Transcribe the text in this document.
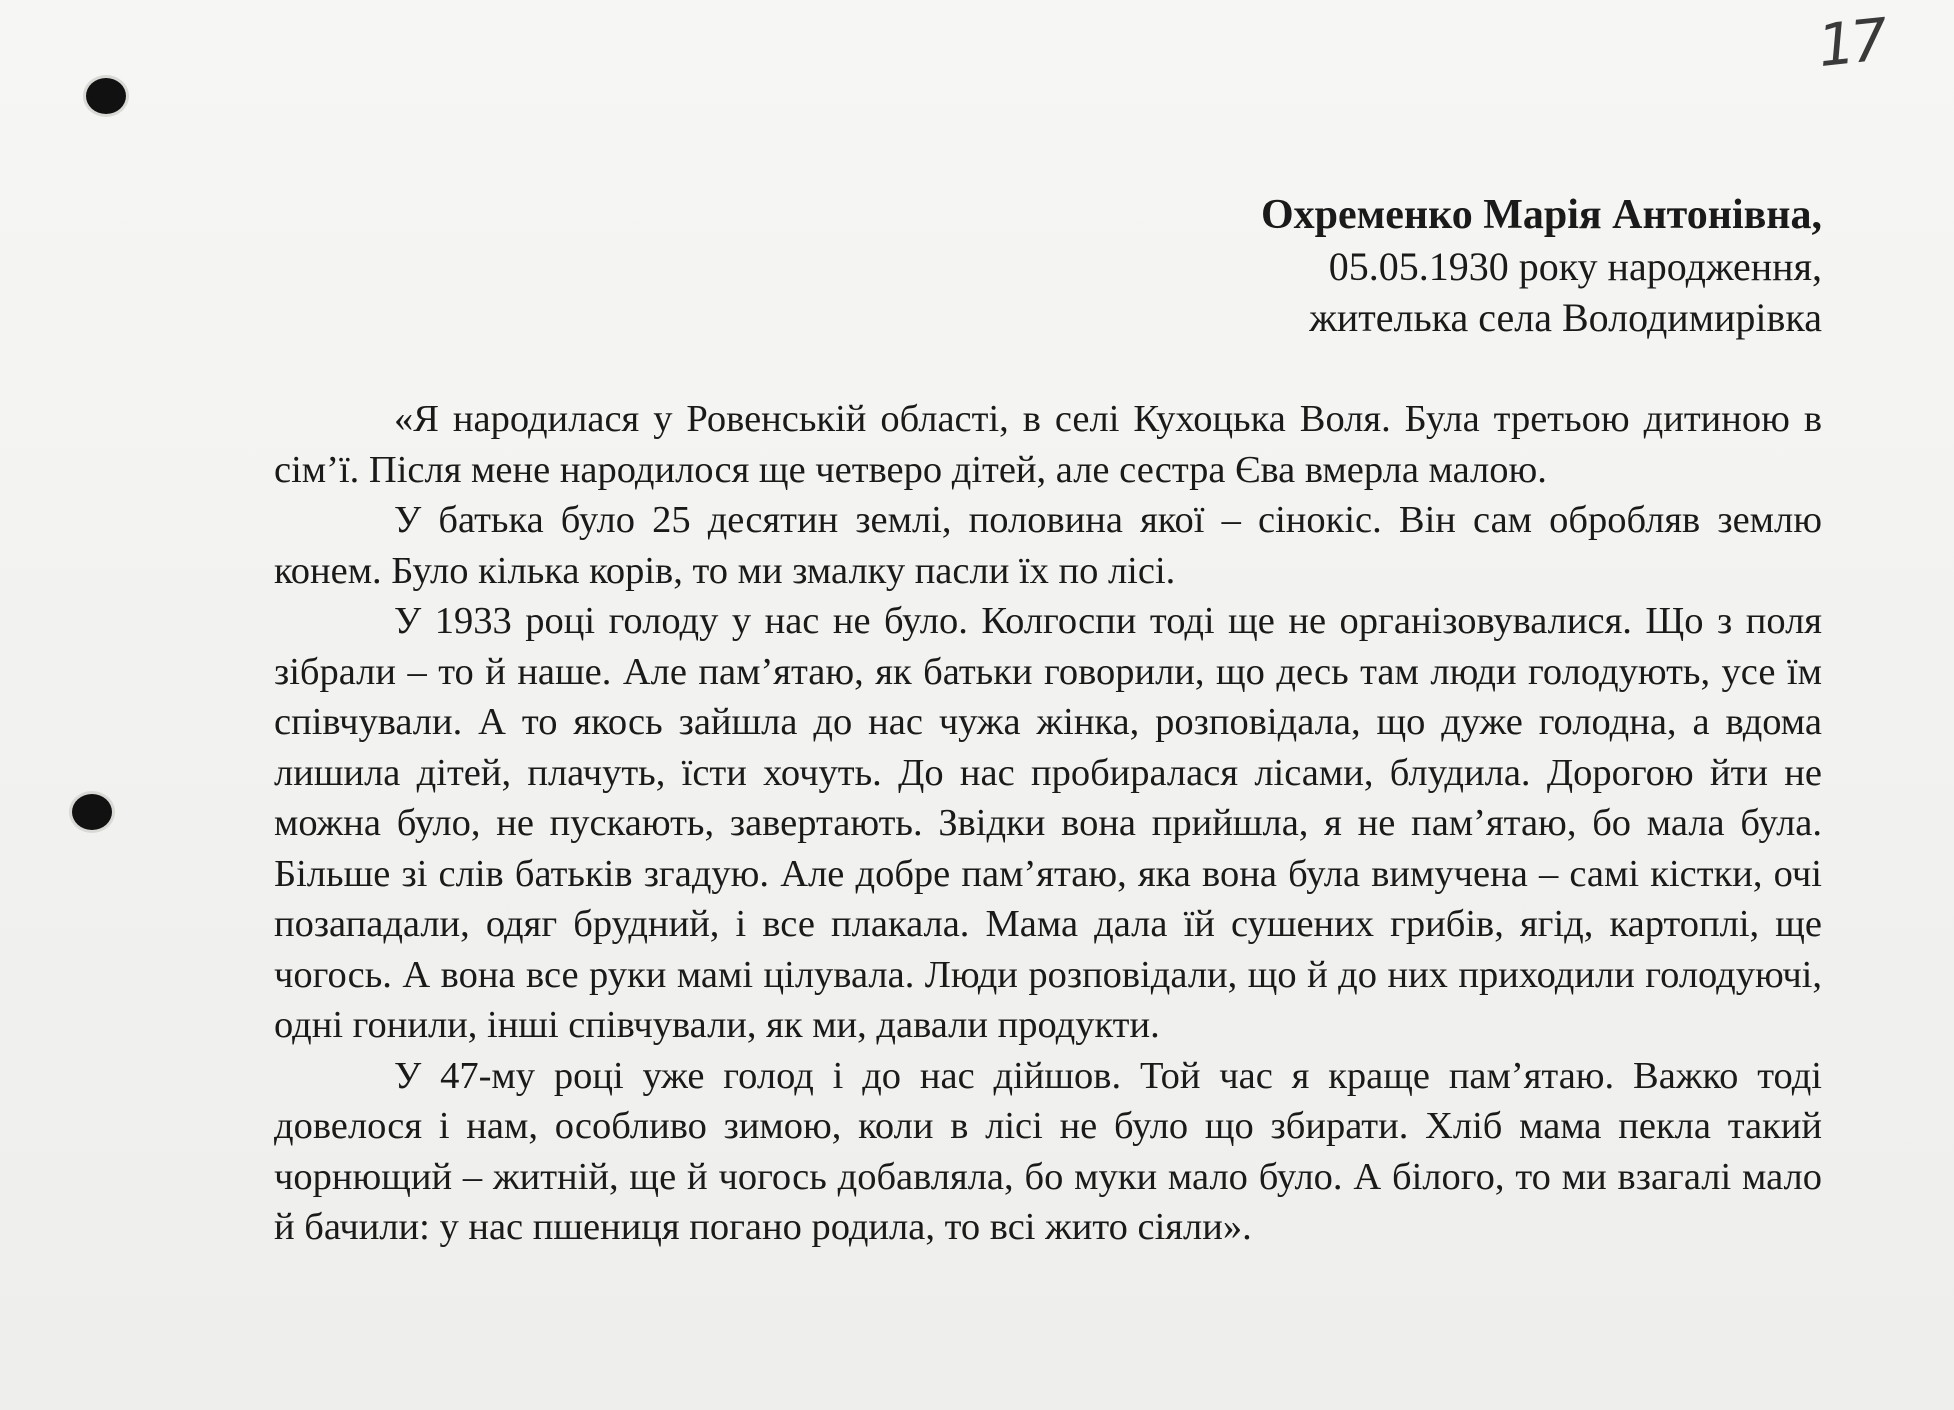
17
Охременко Марія Антонівна,
05.05.1930 року народження,
жителька села Володимирівка

«Я народилася у Ровенській області, в селі Кухоцька Воля. Була третьою дитиною в сім’ї. Після мене народилося ще четверо дітей, але сестра Єва вмерла малою.

У батька було 25 десятин землі, половина якої – сінокіс. Він сам обробляв землю конем. Було кілька корів, то ми змалку пасли їх по лісі.

У 1933 році голоду у нас не було. Колгоспи тоді ще не організовувалися. Що з поля зібрали – то й наше. Але пам’ятаю, як батьки говорили, що десь там люди голодують, усе їм співчували. А то якось зайшла до нас чужа жінка, розповідала, що дуже голодна, а вдома лишила дітей, плачуть, їсти хочуть. До нас пробиралася лісами, блудила. Дорогою йти не можна було, не пускають, завертають. Звідки вона прийшла, я не пам’ятаю, бо мала була. Більше зі слів батьків згадую. Але добре пам’ятаю, яка вона була вимучена – самі кістки, очі позападали, одяг брудний, і все плакала. Мама дала їй сушених грибів, ягід, картоплі, ще чогось. А вона все руки мамі цілувала. Люди розповідали, що й до них приходили голодуючі, одні гонили, інші співчували, як ми, давали продукти.

У 47-му році уже голод і до нас дійшов. Той час я краще пам’ятаю. Важко тоді довелося і нам, особливо зимою, коли в лісі не було що збирати. Хліб мама пекла такий чорнющий – житній, ще й чогось добавляла, бо муки мало було. А білого, то ми взагалі мало й бачили: у нас пшениця погано родила, то всі жито сіяли».
